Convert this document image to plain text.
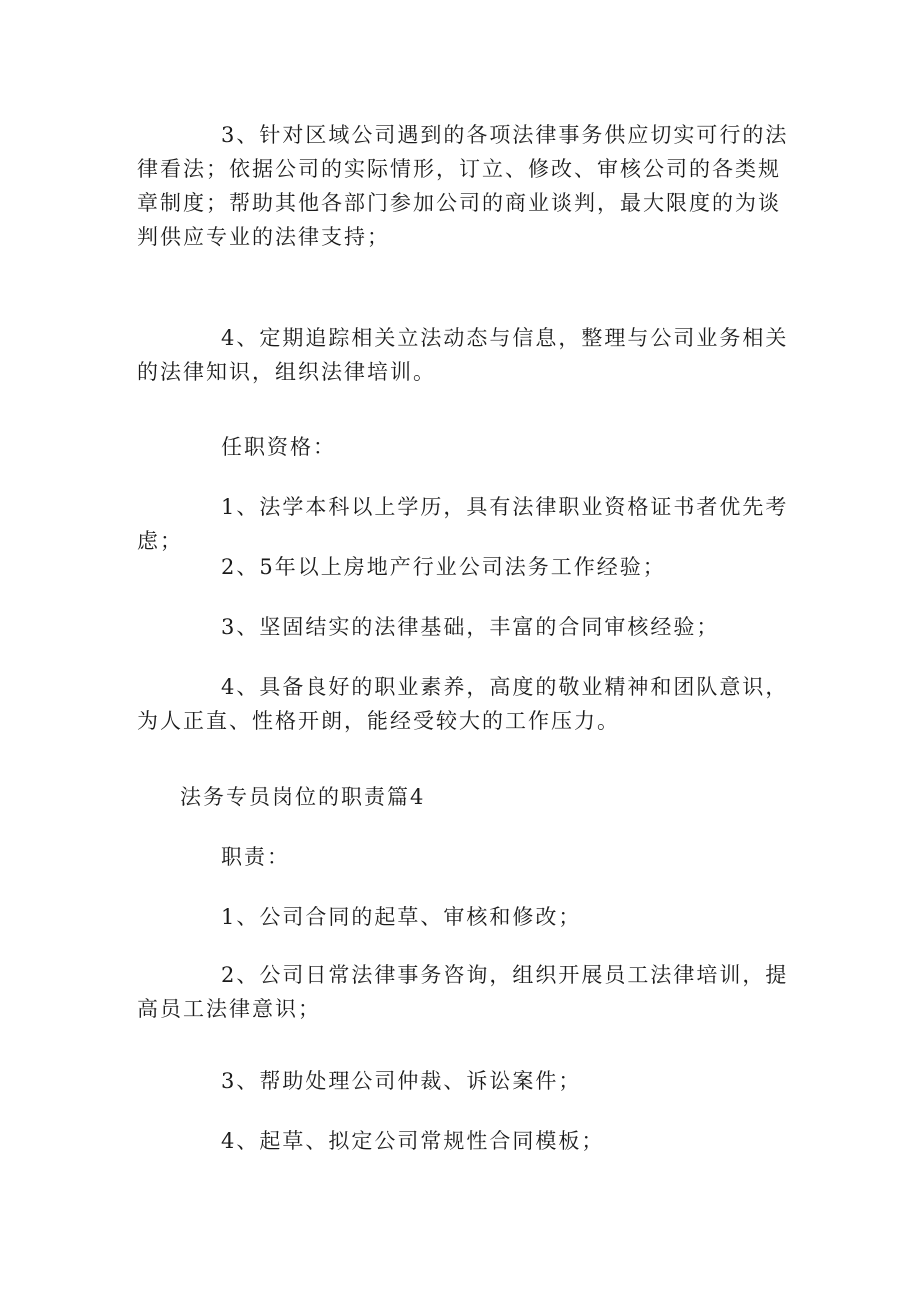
3、针对区域公司遇到的各项法律事务供应切实可行的法律看法；依据公司的实际情形，订立、修改、审核公司的各类规章制度；帮助其他各部门参加公司的商业谈判，最大限度的为谈判供应专业的法律支持；

4、定期追踪相关立法动态与信息，整理与公司业务相关的法律知识，组织法律培训。

任职资格：

1、法学本科以上学历，具有法律职业资格证书者优先考虑；

2、5年以上房地产行业公司法务工作经验；

3、坚固结实的法律基础，丰富的合同审核经验；

4、具备良好的职业素养，高度的敬业精神和团队意识，为人正直、性格开朗，能经受较大的工作压力。

法务专员岗位的职责篇4

职责：

1、公司合同的起草、审核和修改；

2、公司日常法律事务咨询，组织开展员工法律培训，提高员工法律意识；

3、帮助处理公司仲裁、诉讼案件；

4、起草、拟定公司常规性合同模板；
